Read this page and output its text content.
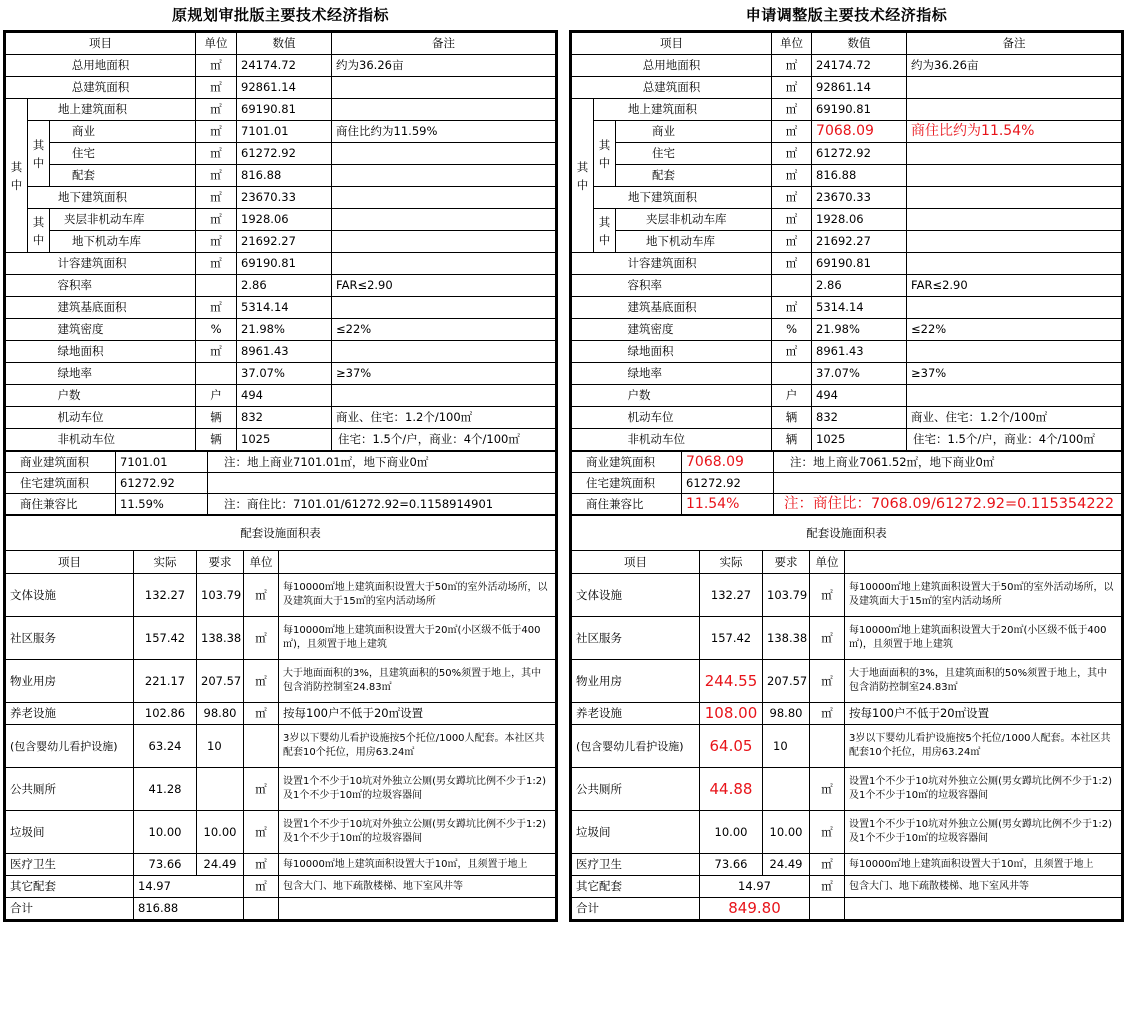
原规划审批版主要技术经济指标
项目			单位	数值	备注
总用地面积			㎡	24174.72	约为36.26亩
总建筑面积			㎡	92861.14	
其中	地上建筑面积		㎡	69190.81	
	其中	商业	㎡	7101.01	商住比约为11.59%
		住宅	㎡	61272.92	
		配套	㎡	816.88	
	地下建筑面积		㎡	23670.33	
	其中	夹层非机动车库	㎡	1928.06	
		地下机动车库	㎡	21692.27	
	计容建筑面积		㎡	69190.81	
	容积率			2.86	FAR≤2.90
	建筑基底面积		㎡	5314.14	
	建筑密度		%	21.98%	≤22%
	绿地面积		㎡	8961.43	
	绿地率			37.07%	≥37%
	户数		户	494	
	机动车位		辆	832	商业、住宅：1.2个/100㎡
	非机动车位		辆	1025	住宅：1.5个/户，商业：4个/100㎡
商业建筑面积	7101.01	注：地上商业7101.01㎡，地下商业0㎡
住宅建筑面积	61272.92	
商住兼容比	11.59%	注：商住比：7101.01/61272.92=0.1158914901
配套设施面积表				
项目	实际	要求	单位	
文体设施	132.27	103.79	㎡	每10000㎡地上建筑面积设置大于50㎡的室外活动场所，以及建筑面大于15㎡的室内活动场所
社区服务	157.42	138.38	㎡	每10000㎡地上建筑面积设置大于20㎡(小区级不低于400㎡)，且须置于地上建筑
物业用房	221.17	207.57	㎡	大于地面面积的3%，且建筑面积的50%须置于地上，其中包含消防控制室24.83㎡
养老设施	102.86	98.80	㎡	按每100户不低于20㎡设置
(包含婴幼儿看护设施)	63.24	10		3岁以下婴幼儿看护设施按5个托位/1000人配套。本社区共配套10个托位，用房63.24㎡
公共厕所	41.28		㎡	设置1个不少于10坑对外独立公厕(男女蹲坑比例不少于1:2)及1个不少于10㎡的垃圾容器间
垃圾间	10.00	10.00	㎡	设置1个不少于10坑对外独立公厕(男女蹲坑比例不少于1:2)及1个不少于10㎡的垃圾容器间
医疗卫生	73.66	24.49	㎡	每10000㎡地上建筑面积设置大于10㎡，且须置于地上
其它配套	14.97		㎡	包含大门、地下疏散楼梯、地下室风井等
合计	816.88			
申请调整版主要技术经济指标
项目			单位	数值	备注
总用地面积			㎡	24174.72	约为36.26亩
总建筑面积			㎡	92861.14	
其中	地上建筑面积		㎡	69190.81	
	其中	商业	㎡	7068.09	商住比约为11.54%
		住宅	㎡	61272.92	
		配套	㎡	816.88	
	地下建筑面积		㎡	23670.33	
	其中	夹层非机动车库	㎡	1928.06	
		地下机动车库	㎡	21692.27	
	计容建筑面积		㎡	69190.81	
	容积率			2.86	FAR≤2.90
	建筑基底面积		㎡	5314.14	
	建筑密度		%	21.98%	≤22%
	绿地面积		㎡	8961.43	
	绿地率			37.07%	≥37%
	户数		户	494	
	机动车位		辆	832	商业、住宅：1.2个/100㎡
	非机动车位		辆	1025	住宅：1.5个/户，商业：4个/100㎡
商业建筑面积	7068.09	注：地上商业7061.52㎡，地下商业0㎡
住宅建筑面积	61272.92	
商住兼容比	11.54%	注：商住比：7068.09/61272.92=0.115354222
配套设施面积表				
项目	实际	要求	单位	
文体设施	132.27	103.79	㎡	每10000㎡地上建筑面积设置大于50㎡的室外活动场所，以及建筑面大于15㎡的室内活动场所
社区服务	157.42	138.38	㎡	每10000㎡地上建筑面积设置大于20㎡(小区级不低于400㎡)，且须置于地上建筑
物业用房	244.55	207.57	㎡	大于地面面积的3%，且建筑面积的50%须置于地上，其中包含消防控制室24.83㎡
养老设施	108.00	98.80	㎡	按每100户不低于20㎡设置
(包含婴幼儿看护设施)	64.05	10		3岁以下婴幼儿看护设施按5个托位/1000人配套。本社区共配套10个托位，用房63.24㎡
公共厕所	44.88		㎡	设置1个不少于10坑对外独立公厕(男女蹲坑比例不少于1:2)及1个不少于10㎡的垃圾容器间
垃圾间	10.00	10.00	㎡	设置1个不少于10坑对外独立公厕(男女蹲坑比例不少于1:2)及1个不少于10㎡的垃圾容器间
医疗卫生	73.66	24.49	㎡	每10000㎡地上建筑面积设置大于10㎡，且须置于地上
其它配套	14.97		㎡	包含大门、地下疏散楼梯、地下室风井等
合计	849.80			
